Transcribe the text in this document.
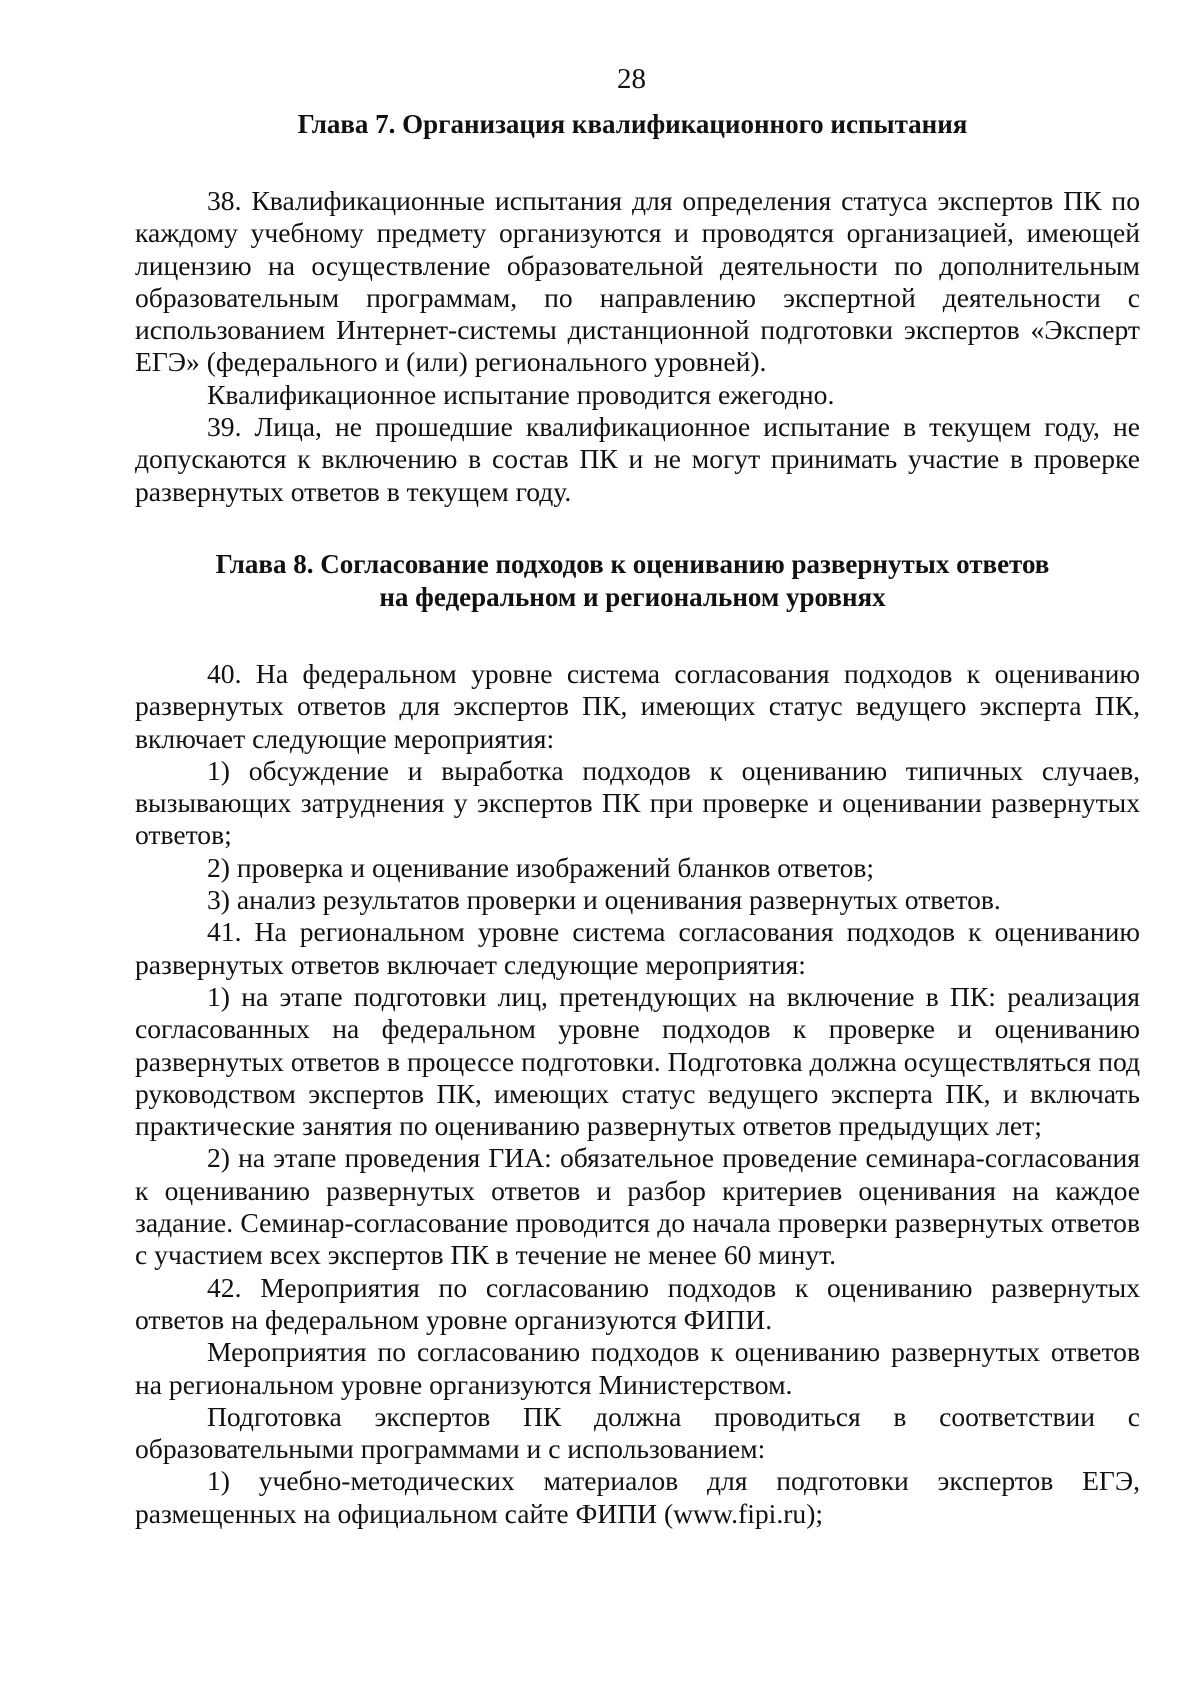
28
Глава 7. Организация квалификационного испытания

38. Квалификационные испытания для определения статуса экспертов ПК по каждому учебному предмету организуются и проводятся организацией, имеющей лицензию на осуществление образовательной деятельности по дополнительным образовательным программам, по направлению экспертной деятельности с использованием Интернет-системы дистанционной подготовки экспертов «Эксперт ЕГЭ» (федерального и (или) регионального уровней).

Квалификационное испытание проводится ежегодно.

39. Лица, не прошедшие квалификационное испытание в текущем году, не допускаются к включению в состав ПК и не могут принимать участие в проверке развернутых ответов в текущем году.

Глава 8. Согласование подходов к оцениванию развернутых ответов
на федеральном и региональном уровнях

40. На федеральном уровне система согласования подходов к оцениванию развернутых ответов для экспертов ПК, имеющих статус ведущего эксперта ПК, включает следующие мероприятия:

1) обсуждение и выработка подходов к оцениванию типичных случаев, вызывающих затруднения у экспертов ПК при проверке и оценивании развернутых ответов;

2) проверка и оценивание изображений бланков ответов;

3) анализ результатов проверки и оценивания развернутых ответов.

41. На региональном уровне система согласования подходов к оцениванию развернутых ответов включает следующие мероприятия:

1) на этапе подготовки лиц, претендующих на включение в ПК: реализация согласованных на федеральном уровне подходов к проверке и оцениванию развернутых ответов в процессе подготовки. Подготовка должна осуществляться под руководством экспертов ПК, имеющих статус ведущего эксперта ПК, и включать практические занятия по оцениванию развернутых ответов предыдущих лет;

2) на этапе проведения ГИА: обязательное проведение семинара-согласования к оцениванию развернутых ответов и разбор критериев оценивания на каждое задание. Семинар-согласование проводится до начала проверки развернутых ответов с участием всех экспертов ПК в течение не менее 60 минут.

42. Мероприятия по согласованию подходов к оцениванию развернутых ответов на федеральном уровне организуются ФИПИ.

Мероприятия по согласованию подходов к оцениванию развернутых ответов на региональном уровне организуются Министерством.

Подготовка экспертов ПК должна проводиться в соответствии с образовательными программами и с использованием:

1) учебно-методических материалов для подготовки экспертов ЕГЭ, размещенных на официальном сайте ФИПИ (www.fipi.ru);
